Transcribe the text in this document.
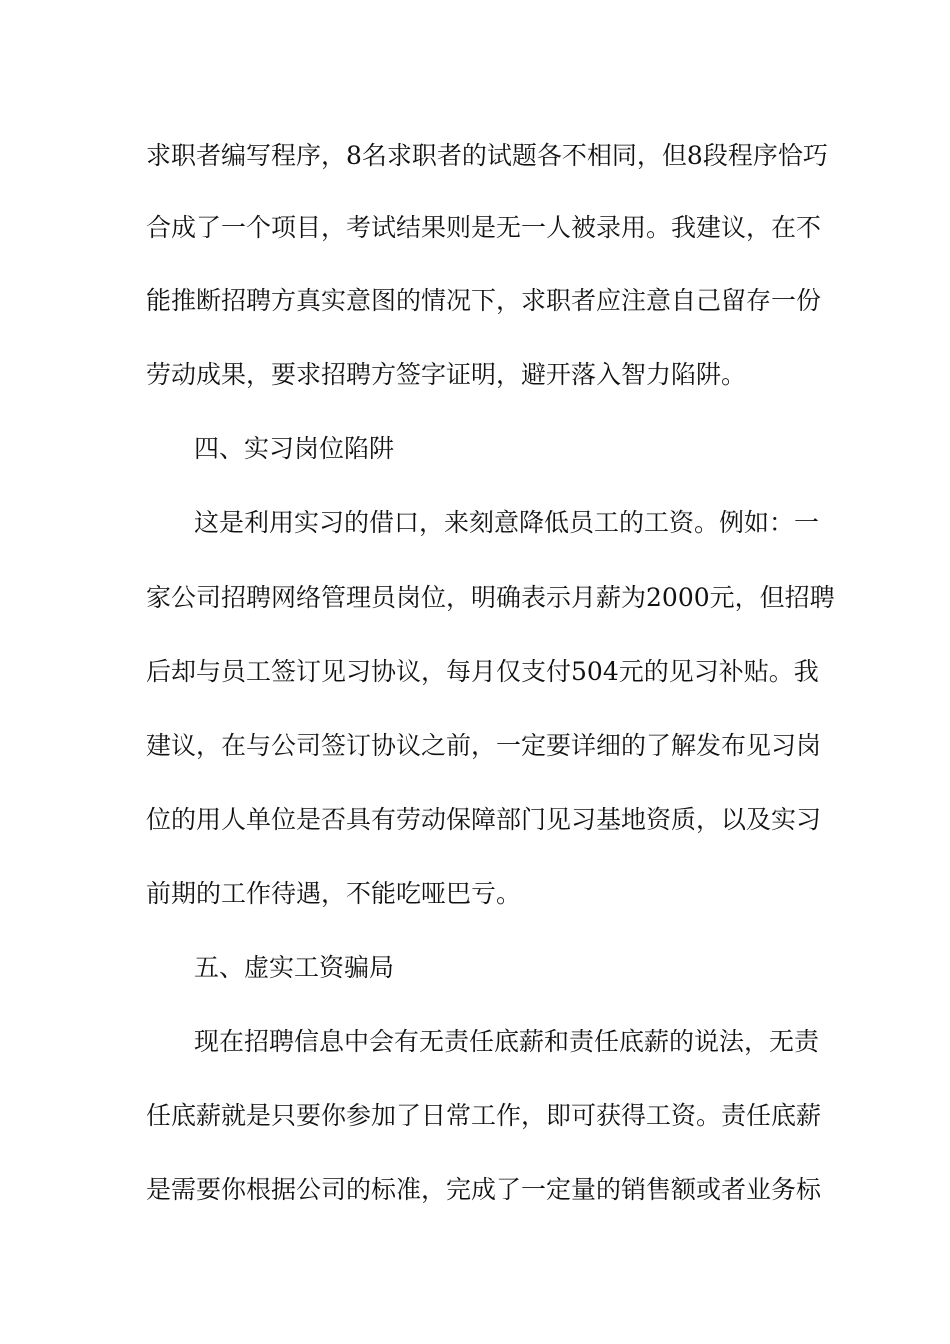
求职者编写程序，8名求职者的试题各不相同，但8段程序恰巧
合成了一个项目，考试结果则是无一人被录用。我建议，在不
能推断招聘方真实意图的情况下，求职者应注意自己留存一份
劳动成果，要求招聘方签字证明，避开落入智力陷阱。
四、实习岗位陷阱
这是利用实习的借口，来刻意降低员工的工资。例如：一
家公司招聘网络管理员岗位，明确表示月薪为2000元，但招聘
后却与员工签订见习协议，每月仅支付504元的见习补贴。我
建议，在与公司签订协议之前，一定要详细的了解发布见习岗
位的用人单位是否具有劳动保障部门见习基地资质，以及实习
前期的工作待遇，不能吃哑巴亏。
五、虚实工资骗局
现在招聘信息中会有无责任底薪和责任底薪的说法，无责
任底薪就是只要你参加了日常工作，即可获得工资。责任底薪
是需要你根据公司的标准，完成了一定量的销售额或者业务标
